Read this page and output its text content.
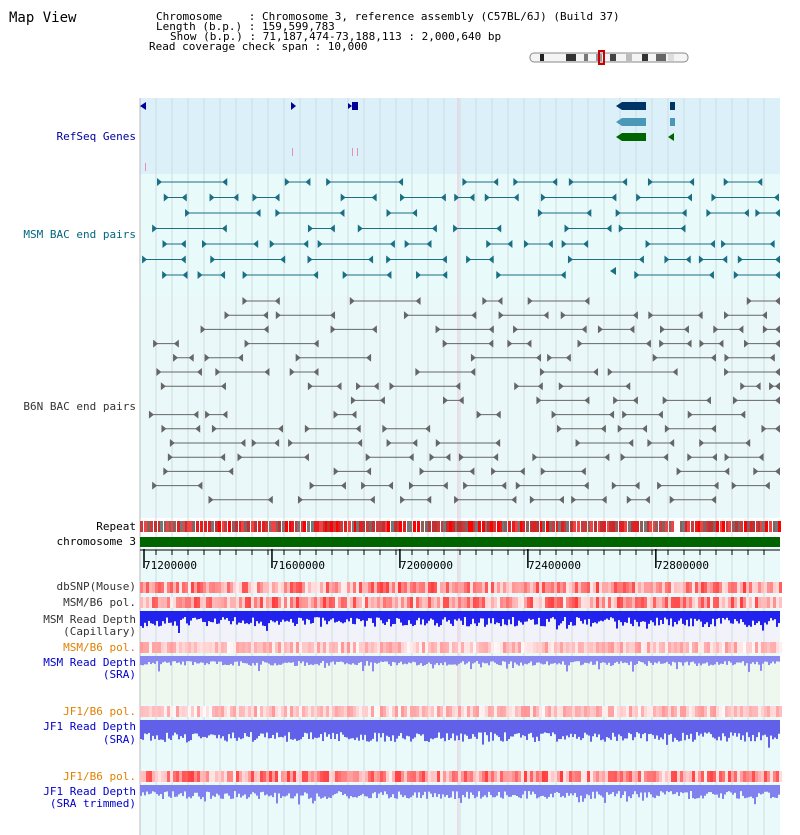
Map View	Chromosome    : Chromosome 3, reference assembly (C57BL/6J) (Build 37)
Length (b.p.) : 159,599,783
Show (b.p.) : 71,187,474-73,188,113 : 2,000,640 bp
Read coverage check span : 10,000
RefSeq Genes
MSM BAC end pairs
B6N BAC end pairs
Repeat
chromosome 3
dbSNP(Mouse)
MSM/B6 pol.
MSM Read Depth
(Capillary)
MSM/B6 pol.
MSM Read Depth
(SRA)
JF1/B6 pol.
JF1 Read Depth
(SRA)
JF1/B6 pol.
JF1 Read Depth
(SRA trimmed)
71200000	71600000	72000000	72400000	72800000
